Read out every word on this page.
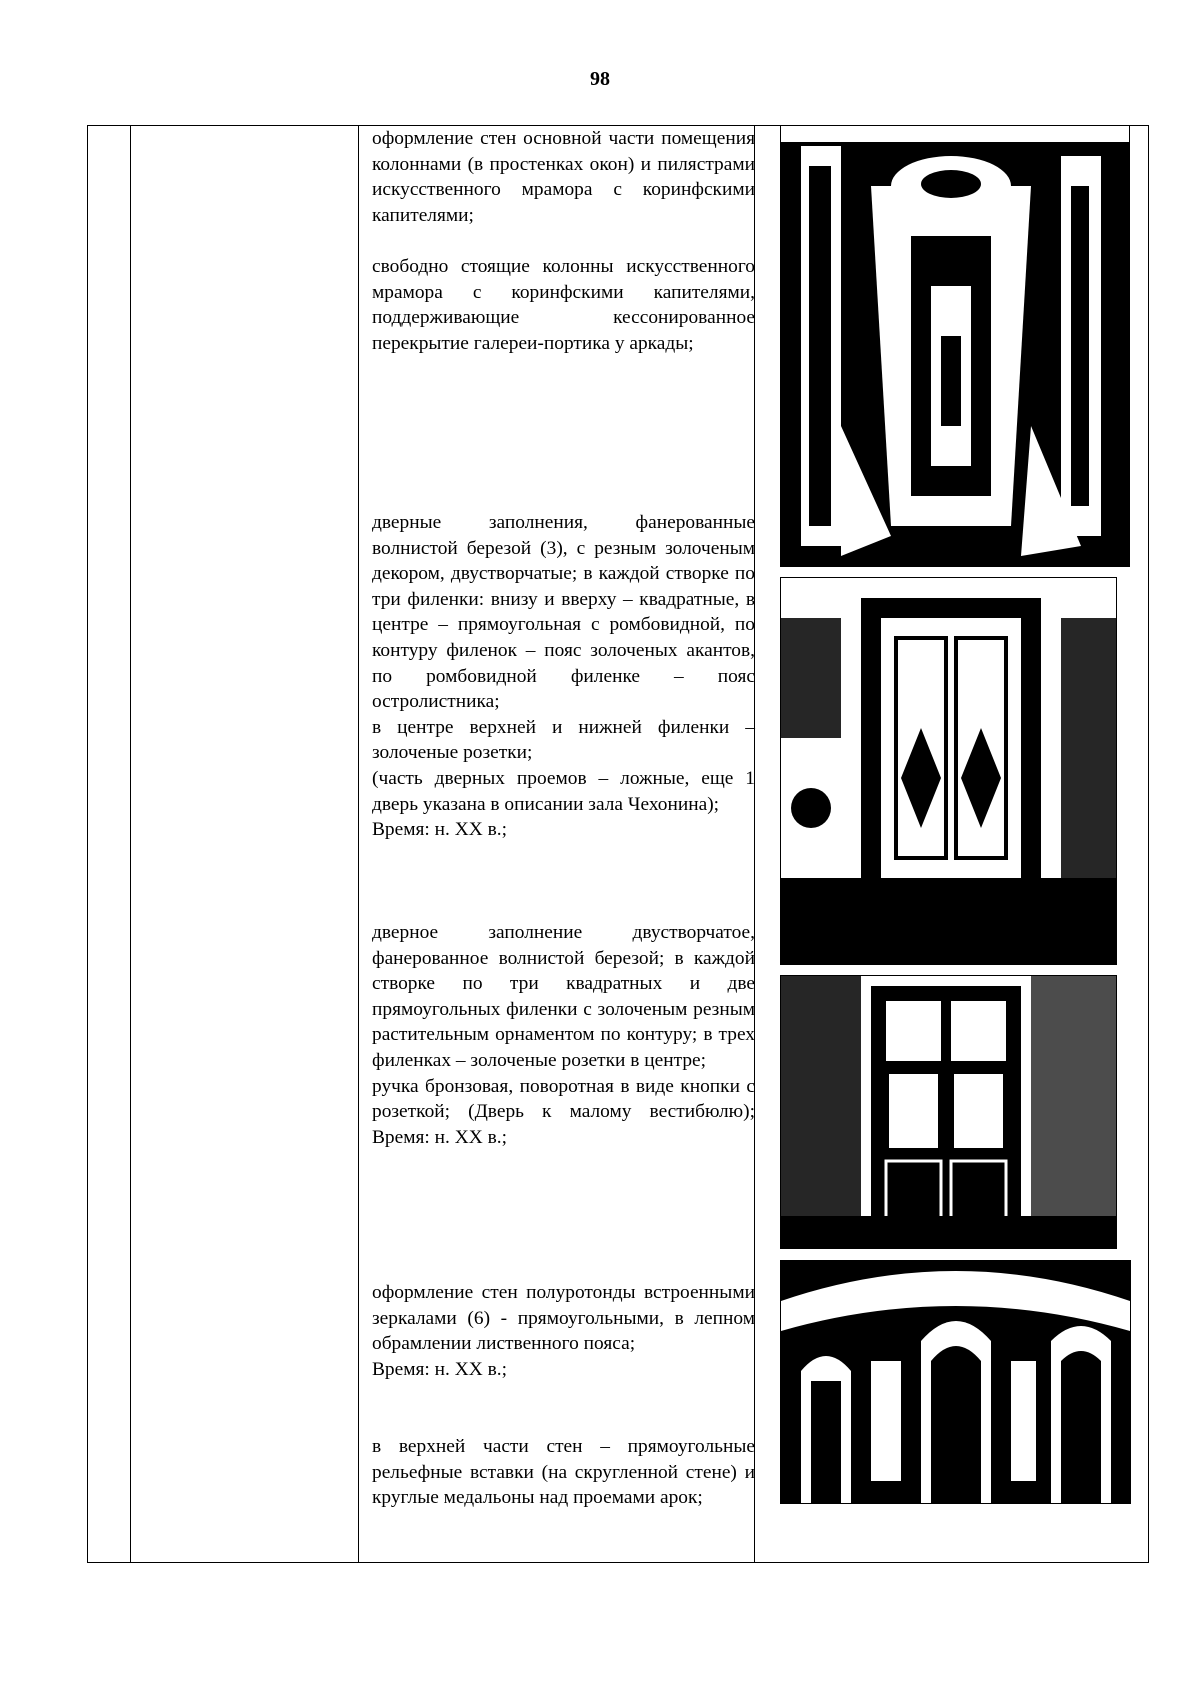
98

оформление стен основной части помещения колоннами (в простенках окон) и пилястрами искусственного мрамора с коринфскими капителями;

свободно стоящие колонны искусственного мрамора с коринфскими капителями, поддерживающие кессонированное перекрытие галереи-портика у аркады;

дверные заполнения, фанерованные волнистой березой (3), с резным золоченым декором, двустворчатые; в каждой створке по три филенки: внизу и вверху – квадратные, в центре – прямоугольная с ромбовидной, по контуру филенок – пояс золоченых акантов, по ромбовидной филенке – пояс остролистника;
в центре верхней и нижней филенки – золоченые розетки;
(часть дверных проемов – ложные, еще 1 дверь указана в описании зала Чехонина);
Время: н. XX в.;

дверное заполнение двустворчатое, фанерованное волнистой березой; в каждой створке по три квадратных и две прямоугольных филенки с золоченым резным растительным орнаментом по контуру; в трех филенках – золоченые розетки в центре;
ручка бронзовая, поворотная в виде кнопки с розеткой; (Дверь к малому вестибюлю); Время: н. XX в.;

оформление стен полуротонды встроенными зеркалами (6) - прямоугольными, в лепном обрамлении лиственного пояса;
Время: н. XX в.;

в верхней части стен – прямоугольные рельефные вставки (на скругленной стене) и круглые медальоны над проемами арок;
